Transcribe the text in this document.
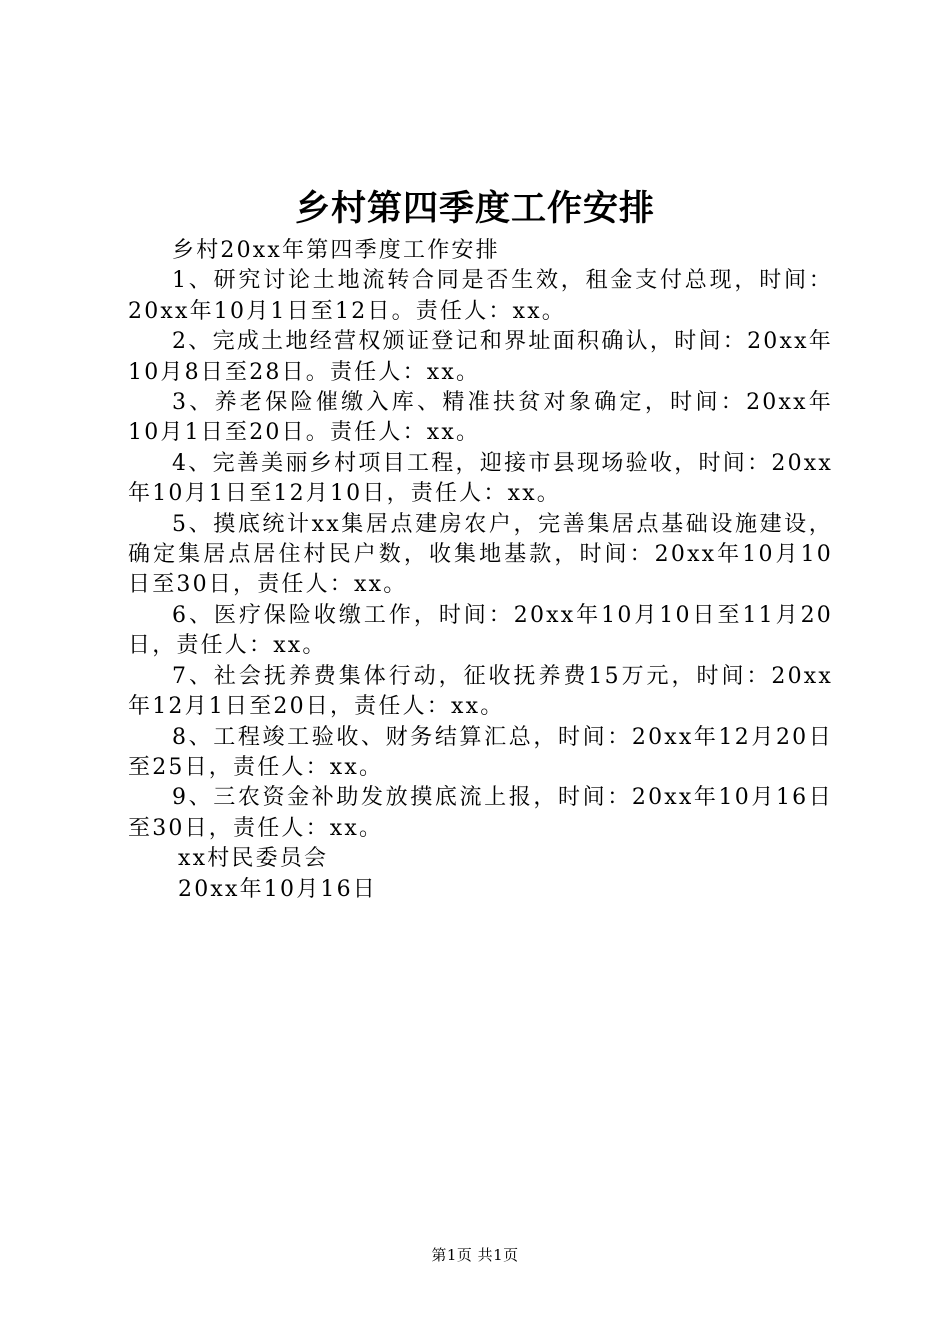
乡村第四季度工作安排

乡村20xx年第四季度工作安排

1、研究讨论土地流转合同是否生效，租金支付总现，时间：20xx年10月1日至12日。责任人：xx。

2、完成土地经营权颁证登记和界址面积确认，时间：20xx年10月8日至28日。责任人：xx。

3、养老保险催缴入库、精准扶贫对象确定，时间：20xx年10月1日至20日。责任人：xx。

4、完善美丽乡村项目工程，迎接市县现场验收，时间：20xx年10月1日至12月10日，责任人：xx。

5、摸底统计xx集居点建房农户，完善集居点基础设施建设，确定集居点居住村民户数，收集地基款，时间：20xx年10月10日至30日，责任人：xx。

6、医疗保险收缴工作，时间：20xx年10月10日至11月20日，责任人：xx。

7、社会抚养费集体行动，征收抚养费15万元，时间：20xx年12月1日至20日，责任人：xx。

8、工程竣工验收、财务结算汇总，时间：20xx年12月20日至25日，责任人：xx。

9、三农资金补助发放摸底流上报，时间：20xx年10月16日至30日，责任人：xx。

xx村民委员会

20xx年10月16日

第1页 共1页
